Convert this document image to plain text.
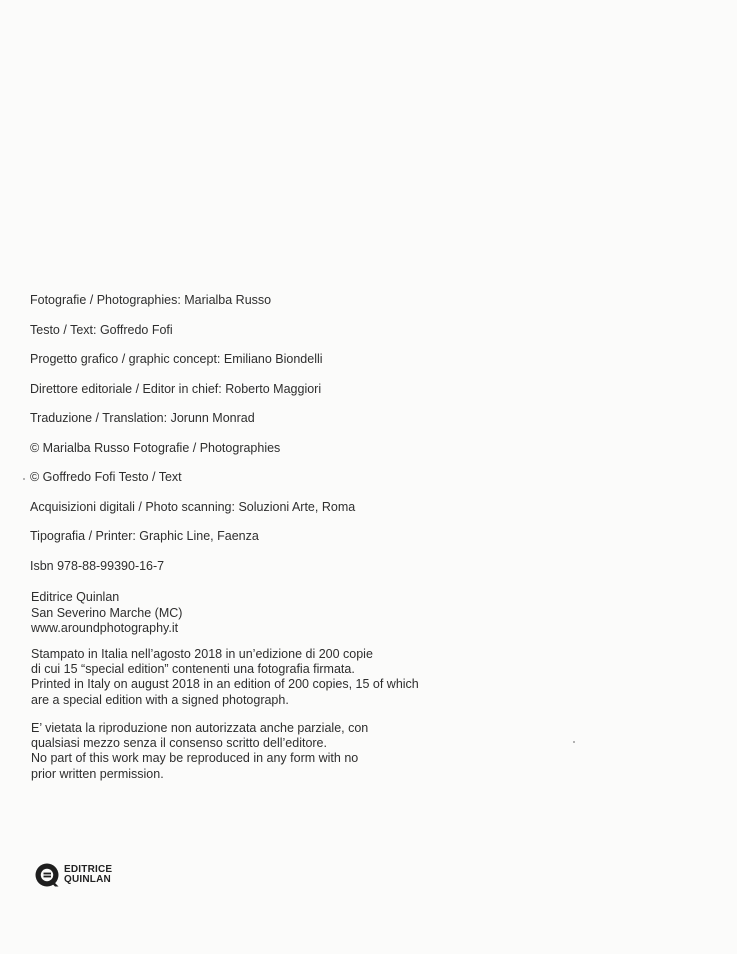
Fotografie / Photographies: Marialba Russo

Testo / Text: Goffredo Fofi

Progetto grafico / graphic concept: Emiliano Biondelli

Direttore editoriale / Editor in chief: Roberto Maggiori

Traduzione / Translation: Jorunn Monrad

© Marialba Russo Fotografie / Photographies

© Goffredo Fofi Testo / Text

Acquisizioni digitali / Photo scanning: Soluzioni Arte, Roma

Tipografia / Printer: Graphic Line, Faenza

Isbn 978-88-99390-16-7

Editrice Quinlan
San Severino Marche (MC)
www.aroundphotography.it
Stampato in Italia nell’agosto 2018 in un’edizione di 200 copie
di cui 15 “special edition” contenenti una fotografia firmata.
Printed in Italy on august 2018 in an edition of 200 copies, 15 of which
are a special edition with a signed photograph.
E’ vietata la riproduzione non autorizzata anche parziale, con
qualsiasi mezzo senza il consenso scritto dell’editore.
No part of this work may be reproduced in any form with no
prior written permission.
EDITRICE
QUINLAN
